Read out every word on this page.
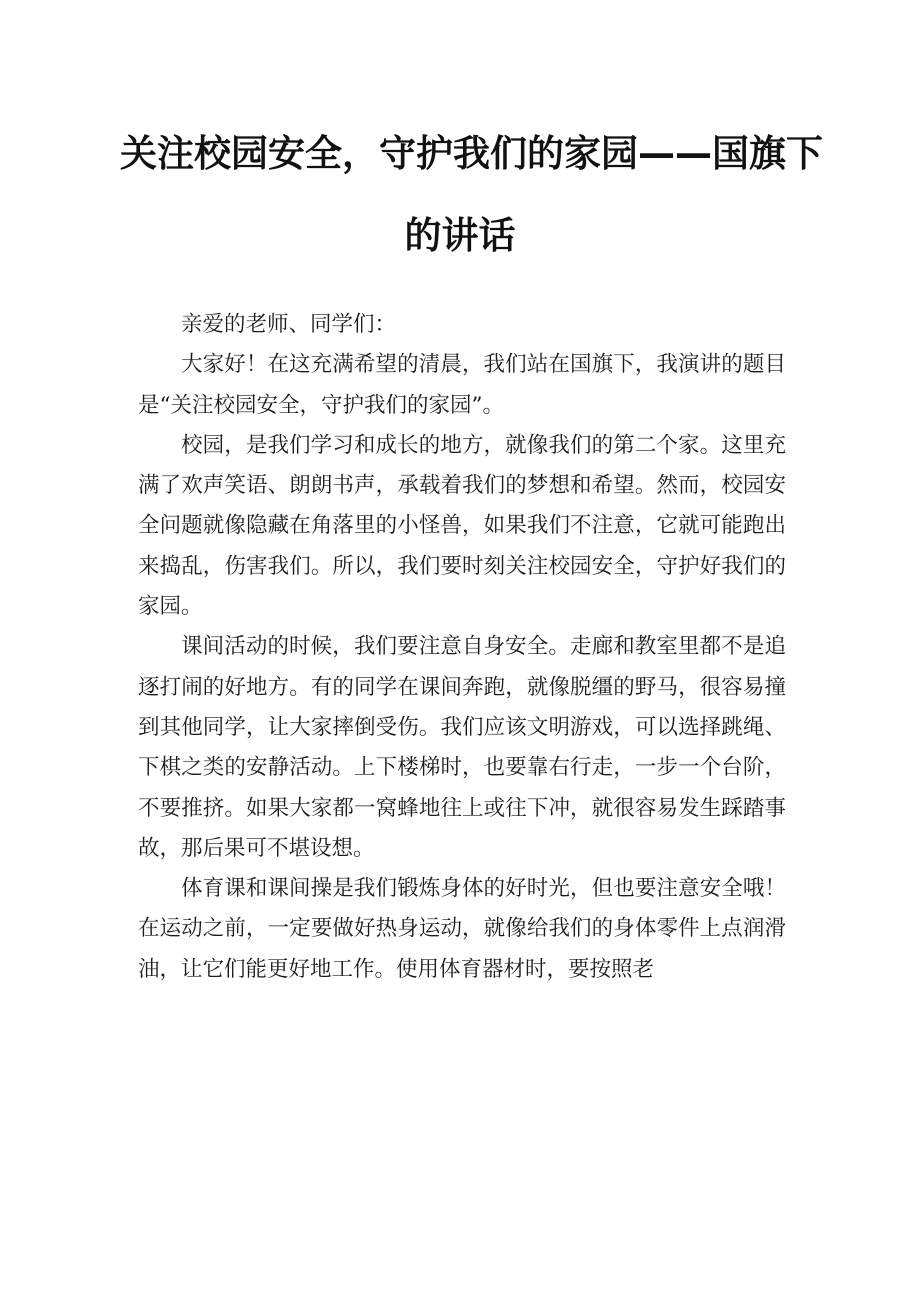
关注校园安全，守护我们的家园——国旗下
的讲话

亲爱的老师、同学们：

大家好！在这充满希望的清晨，我们站在国旗下，我演讲的题目是“关注校园安全，守护我们的家园”。

校园，是我们学习和成长的地方，就像我们的第二个家。这里充满了欢声笑语、朗朗书声，承载着我们的梦想和希望。然而，校园安全问题就像隐藏在角落里的小怪兽，如果我们不注意，它就可能跑出来捣乱，伤害我们。所以，我们要时刻关注校园安全，守护好我们的家园。

课间活动的时候，我们要注意自身安全。走廊和教室里都不是追逐打闹的好地方。有的同学在课间奔跑，就像脱缰的野马，很容易撞到其他同学，让大家摔倒受伤。我们应该文明游戏，可以选择跳绳、下棋之类的安静活动。上下楼梯时，也要靠右行走，一步一个台阶，不要推挤。如果大家都一窝蜂地往上或往下冲，就很容易发生踩踏事故，那后果可不堪设想。

体育课和课间操是我们锻炼身体的好时光，但也要注意安全哦！在运动之前，一定要做好热身运动，就像给我们的身体零件上点润滑油，让它们能更好地工作。使用体育器材时，要按照老
